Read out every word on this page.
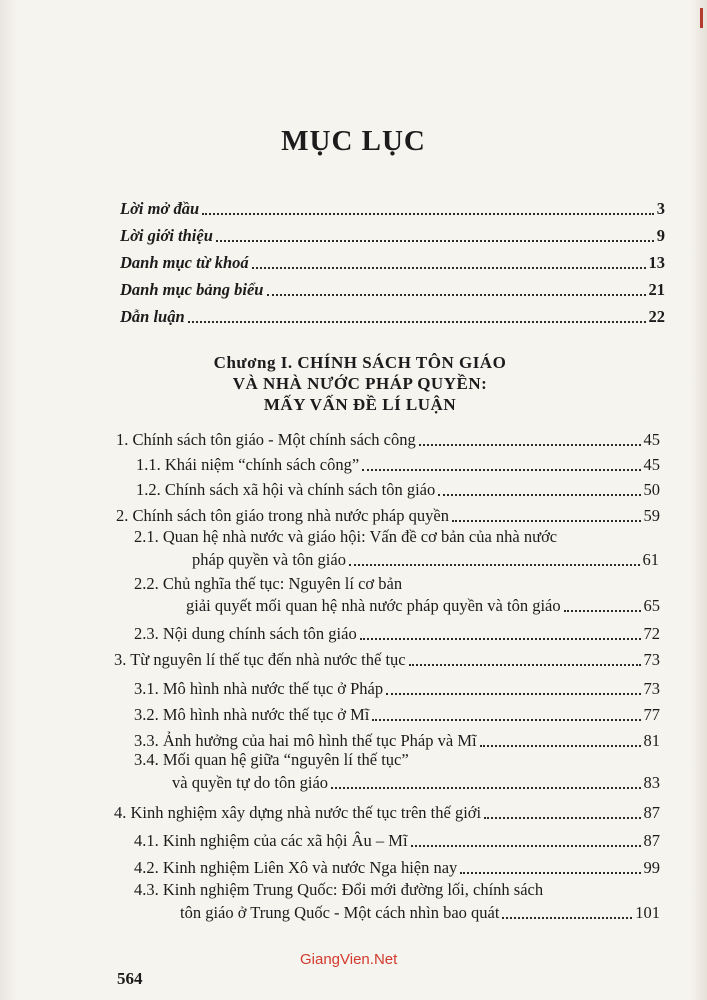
MỤC LỤC
Lời mở đầu	3
Lời giới thiệu	9
Danh mục từ khoá	13
Danh mục bảng biểu	21
Dẫn luận	22
Chương I. CHÍNH SÁCH TÔN GIÁO
VÀ NHÀ NƯỚC PHÁP QUYỀN:
MẤY VẤN ĐỀ LÍ LUẬN
1. Chính sách tôn giáo - Một chính sách công	45
1.1. Khái niệm “chính sách công”	45
1.2. Chính sách xã hội và chính sách tôn giáo	50
2. Chính sách tôn giáo trong nhà nước pháp quyền	59
2.1. Quan hệ nhà nước và giáo hội: Vấn đề cơ bản của nhà nước
pháp quyền và tôn giáo	61
2.2. Chủ nghĩa thế tục: Nguyên lí cơ bản
giải quyết mối quan hệ nhà nước pháp quyền và tôn giáo	65
2.3. Nội dung chính sách tôn giáo	72
3. Từ nguyên lí thế tục đến nhà nước thế tục	73
3.1. Mô hình nhà nước thế tục ở Pháp	73
3.2. Mô hình nhà nước thế tục ở Mĩ	77
3.3. Ảnh hưởng của hai mô hình thế tục Pháp và Mĩ	81
3.4. Mối quan hệ giữa “nguyên lí thế tục”
và quyền tự do tôn giáo	83
4. Kinh nghiệm xây dựng nhà nước thế tục trên thế giới	87
4.1. Kinh nghiệm của các xã hội Âu – Mĩ	87
4.2. Kinh nghiệm Liên Xô và nước Nga hiện nay	99
4.3. Kinh nghiệm Trung Quốc: Đổi mới đường lối, chính sách
tôn giáo ở Trung Quốc - Một cách nhìn bao quát	101
GiangVien.Net
564
